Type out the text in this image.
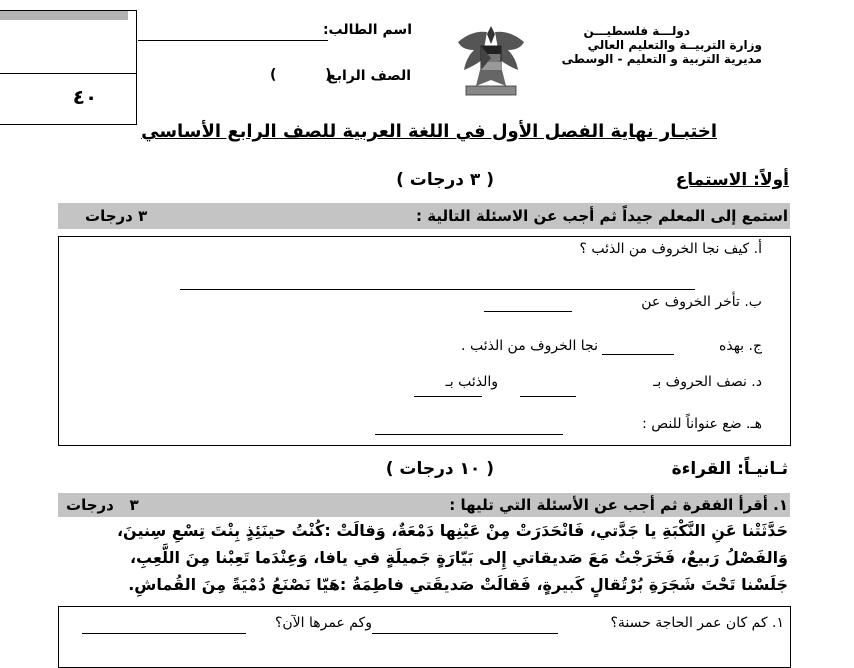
٤٠
اسم الطالب:
الصف الرابع
(          )
دولـــة فلسطيـــن
وزارة التربيــة والتعليم العالي
مديرية التربية و التعليم - الوسطى
اختبـار نهاية الفصل الأول في اللغة العربية للصف الرابع الأساسي
أولاً: الاستماع
( ٣ درجات )
استمع إلى المعلم جيداً ثم أجب عن الاسئلة التالية :
٣ درجات
أ. كيف نجا الخروف من الذئب ؟
ب. تأخر الخروف عن
ج. بهذه
نجا الخروف من الذئب .
د. نصف الحروف بـ
والذئب بـ
هـ. ضع عنواناً للنص :
ثـانيـاً: القراءة
( ١٠ درجات )
١. أقرأ الفقرة ثم أجب عن الأسئلة التي تليها :
٣   درجات
حَدَّثَتْنا عَنِ النَّكْبَةِ يا جَدَّتي، فَانْحَدَرَتْ مِنْ عَيْنِها دَمْعَةٌ، وَقالَتْ :كُنْتُ حينَئِذٍ بِنْتَ تِسْعِ سِنينَ،
وَالفَصْلُ رَبيعٌ، فَخَرَجْتُ مَعَ صَديقاتي إِلى بَيّارَةٍ جَميلَةٍ في يافا، وَعِنْدَما تَعِبْنا مِنَ اللَّعِبِ،
جَلَسْنا تَحْتَ شَجَرَةِ بُرْتُقالٍ كَبيرةٍ، فَقالَتْ صَديقَتي فاطِمَةُ :هَيّا نَصْنَعُ دُمْيَةً مِنَ القُماشِ.
١. كم كان عمر الحاجة حسنة؟
وكم عمرها الآن؟
